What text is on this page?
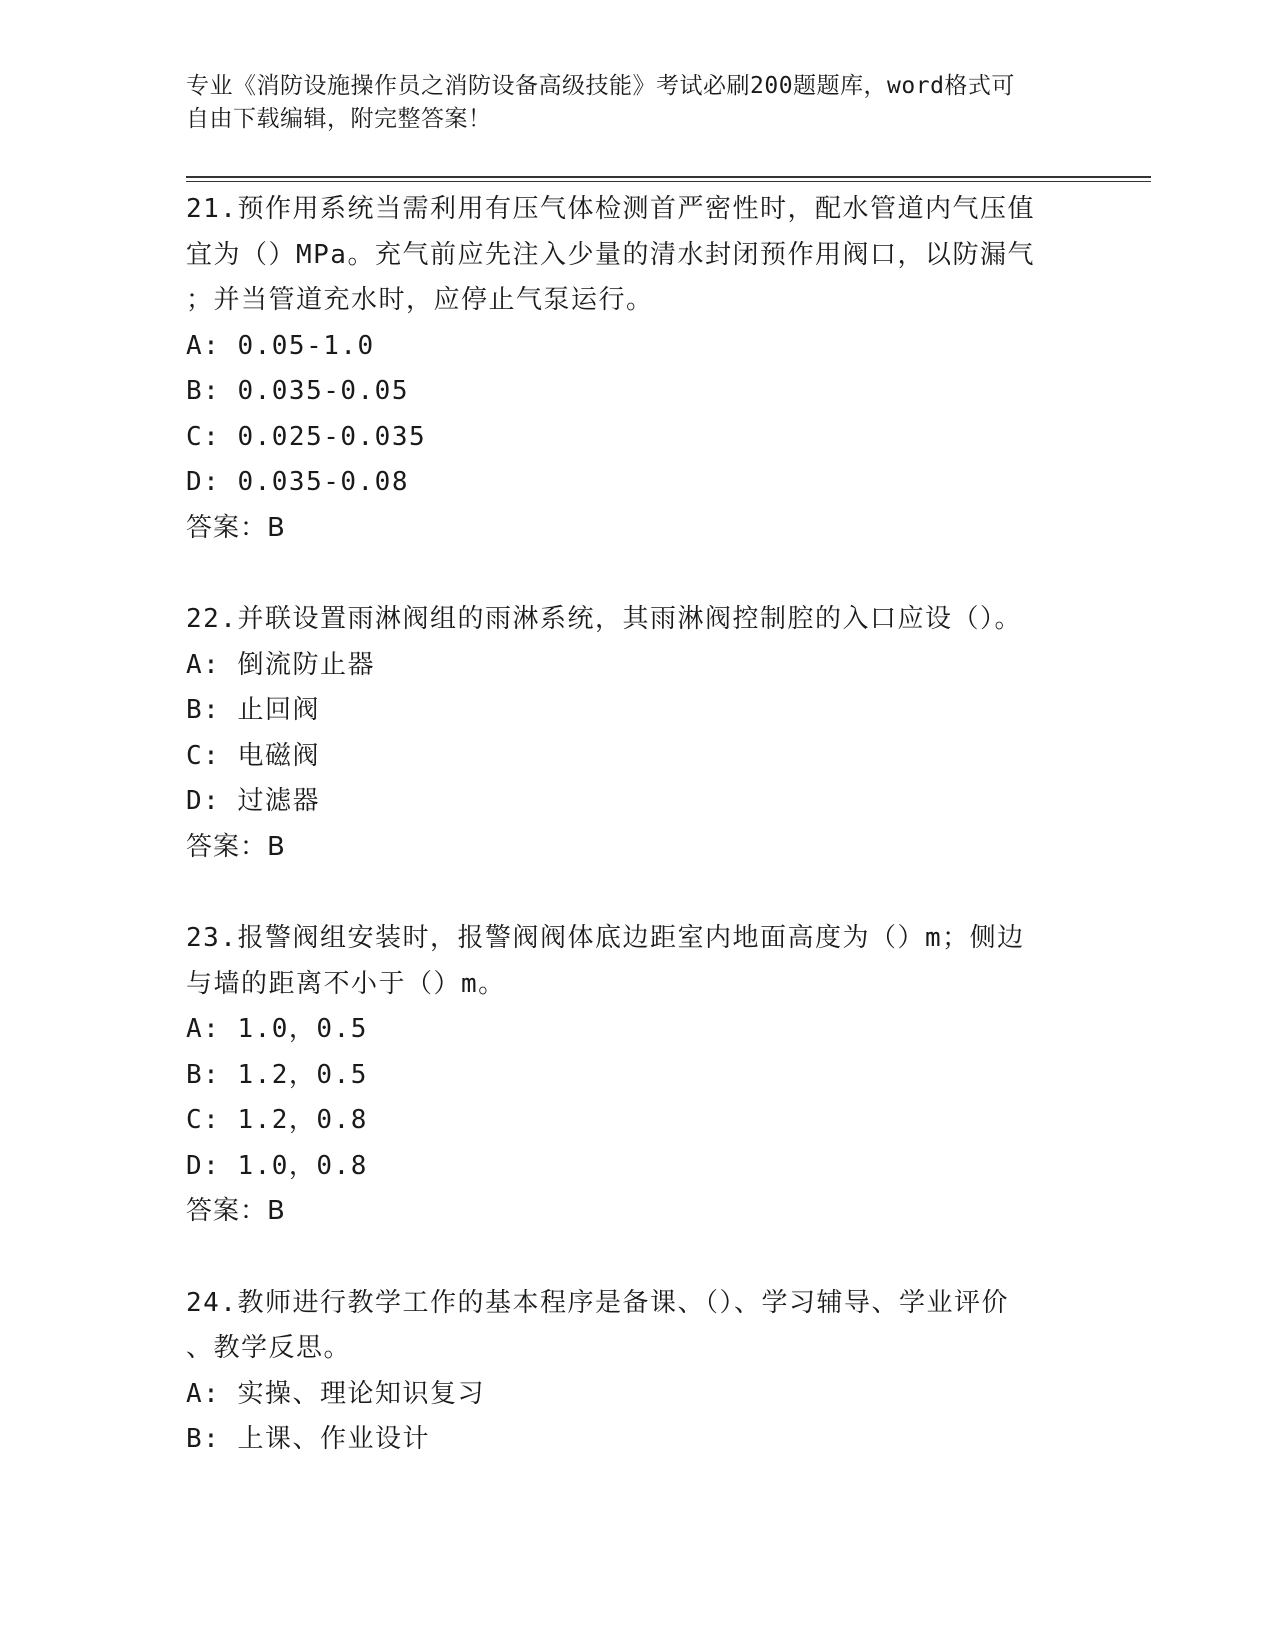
专业《消防设施操作员之消防设备高级技能》考试必刷200题题库，word格式可
自由下载编辑，附完整答案！
21.预作用系统当需利用有压气体检测首严密性时，配水管道内气压值
宜为（）MPa。充气前应先注入少量的清水封闭预作用阀口，以防漏气
；并当管道充水时，应停止气泵运行。
A: 0.05-1.0
B: 0.035-0.05
C: 0.025-0.035
D: 0.035-0.08
答案：B
22.并联设置雨淋阀组的雨淋系统，其雨淋阀控制腔的入口应设（）。
A: 倒流防止器
B: 止回阀
C: 电磁阀
D: 过滤器
答案：B
23.报警阀组安装时，报警阀阀体底边距室内地面高度为（）m；侧边
与墙的距离不小于（）m。
A: 1.0，0.5
B: 1.2，0.5
C: 1.2，0.8
D: 1.0，0.8
答案：B
24.教师进行教学工作的基本程序是备课、（）、学习辅导、学业评价
、教学反思。
A: 实操、理论知识复习
B: 上课、作业设计
